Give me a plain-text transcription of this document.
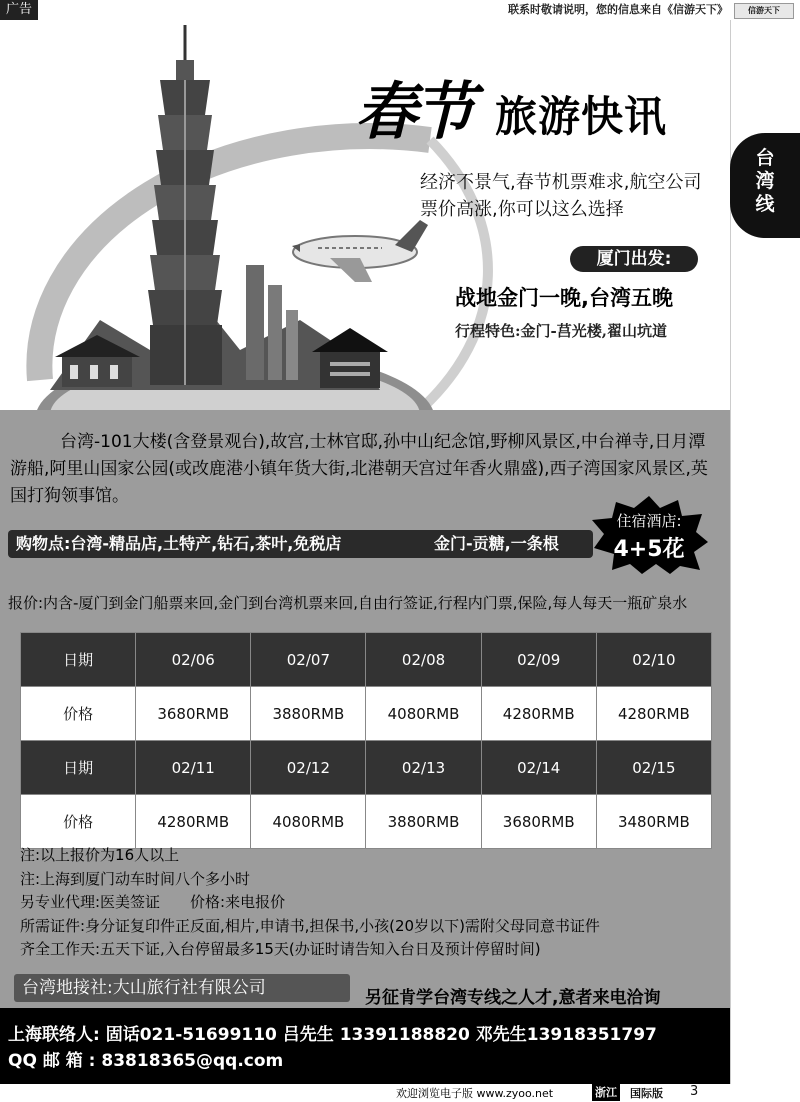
广告	联系时敬请说明，您的信息来自《信游天下》	信游天下
春节 旅游快讯
台
湾
线
经济不景气,春节机票难求,航空公司
票价高涨,你可以这么选择
厦门出发:
战地金门一晚,台湾五晚
行程特色:金门-莒光楼,翟山坑道
台湾-101大楼(含登景观台),故宫,士林官邸,孙中山纪念馆,野柳风景区,中台禅寺,日月潭游船,阿里山国家公园(或改鹿港小镇年货大街,北港朝天宫过年香火鼎盛),西子湾国家风景区,英国打狗领事馆。
购物点:台湾-精品店,土特产,钻石,茶叶,免税店	金门-贡糖,一条根
住宿酒店:
4+5花
报价:内含-厦门到金门船票来回,金门到台湾机票来回,自由行签证,行程内门票,保险,每人每天一瓶矿泉水
日期	02/06	02/07	02/08	02/09	02/10
价格	3680RMB	3880RMB	4080RMB	4280RMB	4280RMB
日期	02/11	02/12	02/13	02/14	02/15
价格	4280RMB	4080RMB	3880RMB	3680RMB	3480RMB
注:以上报价为16人以上
注:上海到厦门动车时间八个多小时
另专业代理:医美签证　　价格:来电报价
所需证件:身分证复印件正反面,相片,申请书,担保书,小孩(20岁以下)需附父母同意书证件
齐全工作天:五天下证,入台停留最多15天(办证时请告知入台日及预计停留时间)
台湾地接社:大山旅行社有限公司	另征肯学台湾专线之人才,意者来电洽询
上海联络人: 固话021-51699110 吕先生 13391188820 邓先生13918351797
QQ 邮 箱 : 83818365@qq.com
欢迎浏览电子版 www.zyoo.net	浙江 国际版 3
